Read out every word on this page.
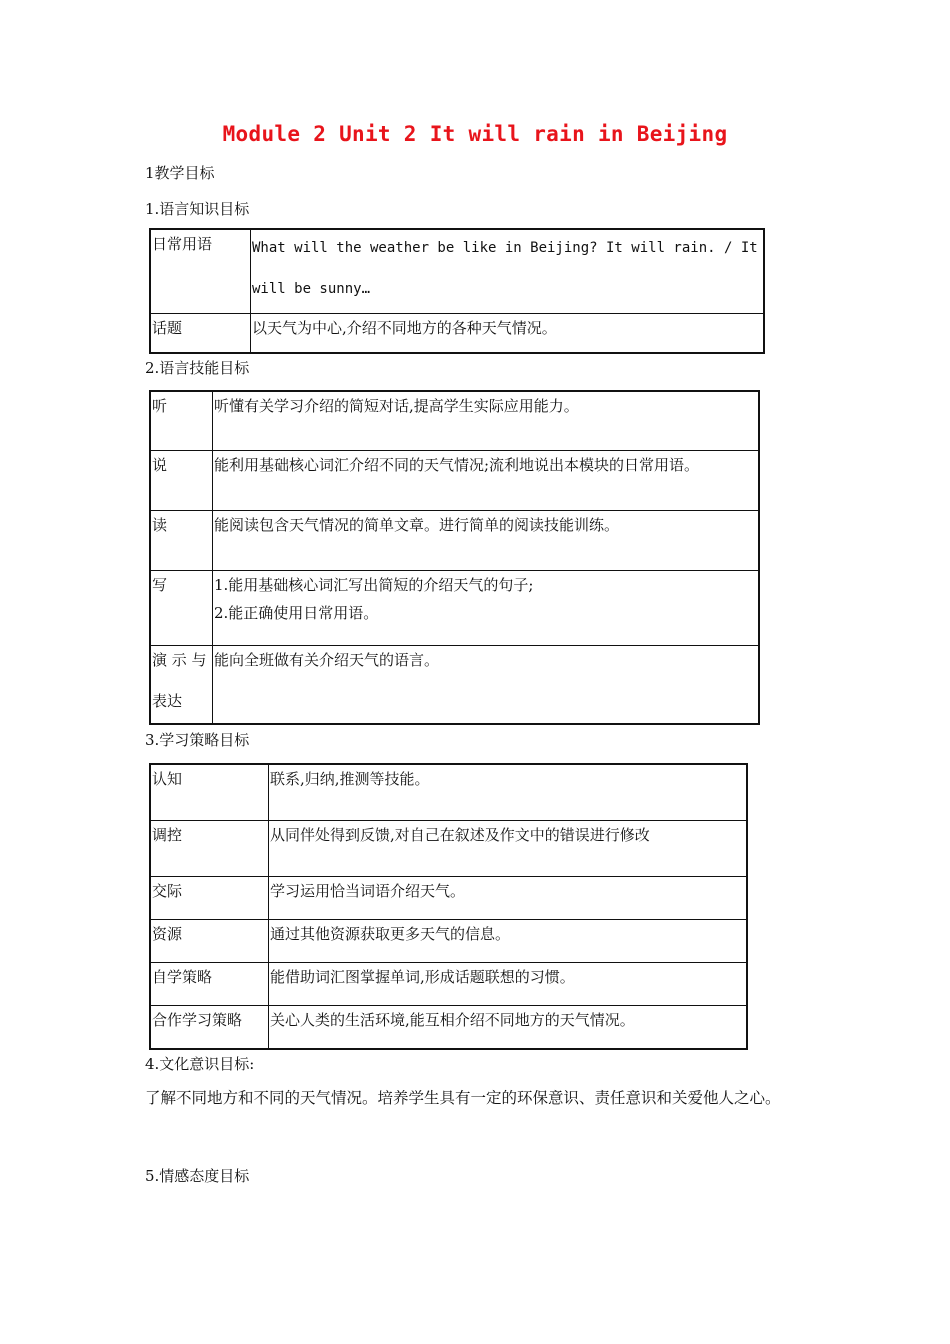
Module 2 Unit 2 It will rain in Beijing
1教学目标
1.语言知识目标
日常用语	What will the weather be like in Beijing? It will rain. / It will be sunny…

话题	以天气为中心,介绍不同地方的各种天气情况。
2.语言技能目标
听	听懂有关学习介绍的简短对话,提高学生实际应用能力。

说	能利用基础核心词汇介绍不同的天气情况;流利地说出本模块的日常用语。

读	能阅读包含天气情况的简单文章。进行简单的阅读技能训练。

写	1.能用基础核心词汇写出简短的介绍天气的句子;
2.能正确使用日常用语。

演 示 与
表达	能向全班做有关介绍天气的语言。
3.学习策略目标
认知	联系,归纳,推测等技能。

调控	从同伴处得到反馈,对自己在叙述及作文中的错误进行修改

交际	学习运用恰当词语介绍天气。

资源	通过其他资源获取更多天气的信息。

自学策略	能借助词汇图掌握单词,形成话题联想的习惯。

合作学习策略	关心人类的生活环境,能互相介绍不同地方的天气情况。
4.文化意识目标:
了解不同地方和不同的天气情况。培养学生具有一定的环保意识、责任意识和关爱他人之心。
5.情感态度目标
